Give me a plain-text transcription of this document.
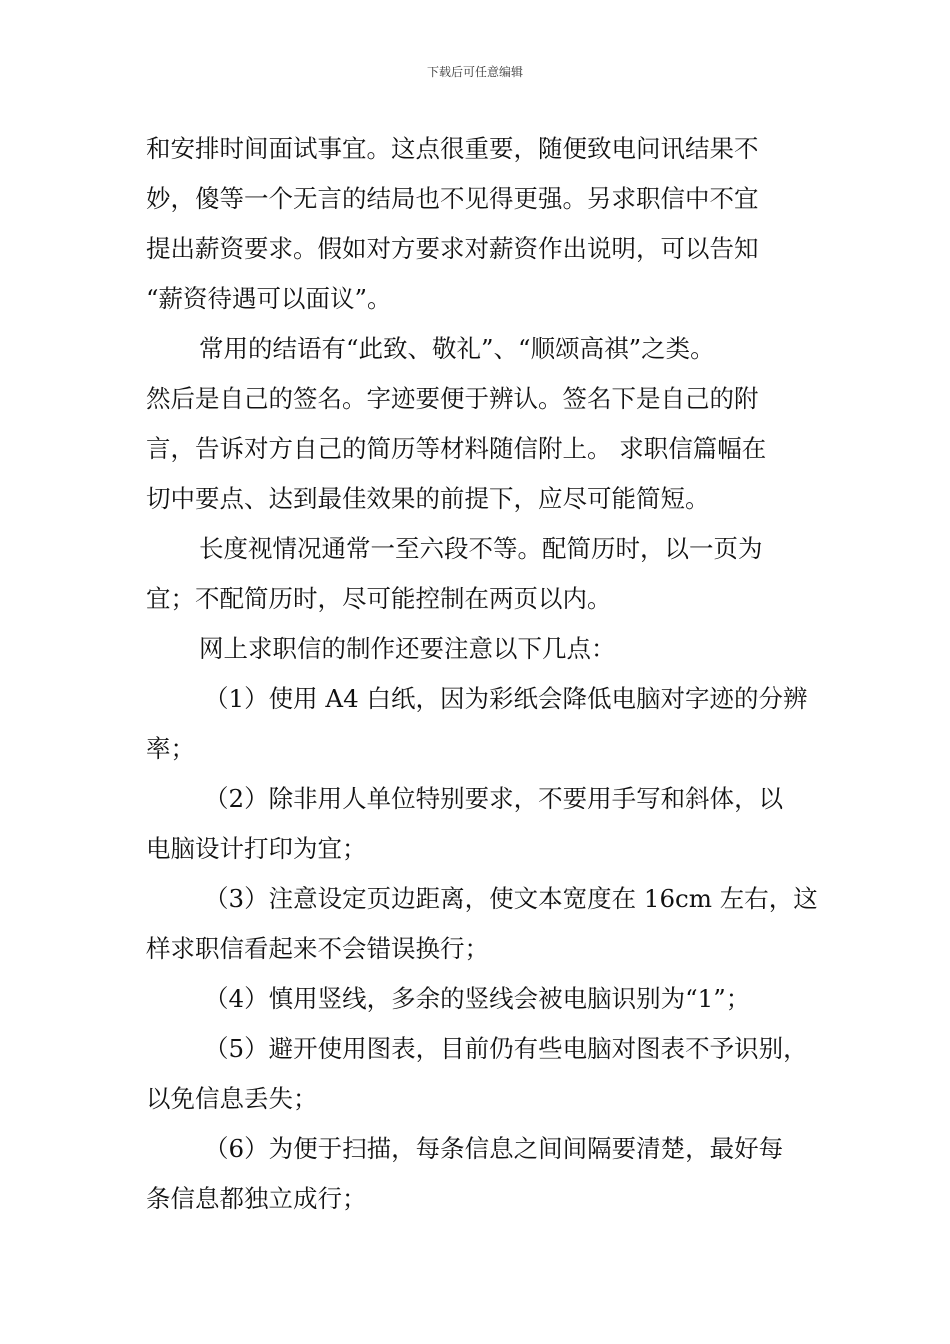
下载后可任意编辑
和安排时间面试事宜。这点很重要，随便致电问讯结果不
妙，傻等一个无言的结局也不见得更强。另求职信中不宜
提出薪资要求。假如对方要求对薪资作出说明，可以告知
“薪资待遇可以面议”。
常用的结语有“此致、敬礼”、“顺颂高祺”之类。
然后是自己的签名。字迹要便于辨认。签名下是自己的附
言，告诉对方自己的简历等材料随信附上。 求职信篇幅在
切中要点、达到最佳效果的前提下，应尽可能简短。
长度视情况通常一至六段不等。配简历时，以一页为
宜；不配简历时，尽可能控制在两页以内。
网上求职信的制作还要注意以下几点：
（1）使用 A4 白纸，因为彩纸会降低电脑对字迹的分辨
率；
（2）除非用人单位特别要求，不要用手写和斜体，以
电脑设计打印为宜；
（3）注意设定页边距离，使文本宽度在 16cm 左右，这
样求职信看起来不会错误换行；
（4）慎用竖线，多余的竖线会被电脑识别为“1”；
（5）避开使用图表，目前仍有些电脑对图表不予识别，
以免信息丢失；
（6）为便于扫描，每条信息之间间隔要清楚，最好每
条信息都独立成行；
